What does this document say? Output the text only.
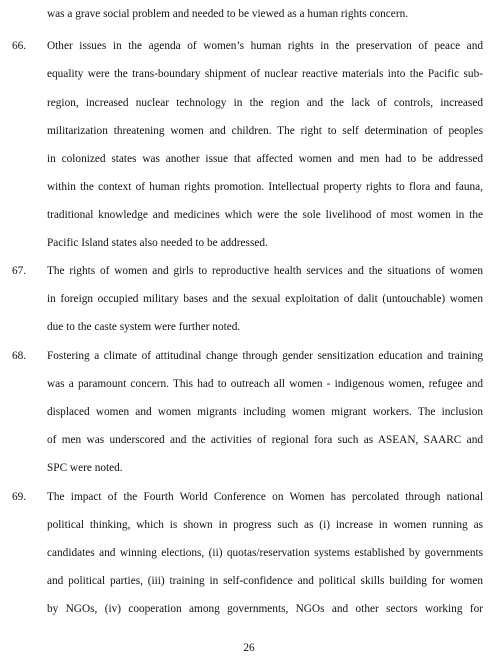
was a grave social problem and needed to be viewed as a human rights concern.
66. Other issues in the agenda of women’s human rights in the preservation of peace and
equality were the trans-boundary shipment of nuclear reactive materials into the Pacific sub-
region, increased nuclear technology in the region and the lack of controls, increased
militarization threatening women and children. The right to self determination of peoples
in colonized states was another issue that affected women and men had to be addressed
within the context of human rights promotion. Intellectual property rights to flora and fauna,
traditional knowledge and medicines which were the sole livelihood of most women in the
Pacific Island states also needed to be addressed.
67. The rights of women and girls to reproductive health services and the situations of women
in foreign occupied military bases and the sexual exploitation of dalit (untouchable) women
due to the caste system were further noted.
68. Fostering a climate of attitudinal change through gender sensitization education and training
was a paramount concern. This had to outreach all women - indigenous women, refugee and
displaced women and women migrants including women migrant workers. The inclusion
of men was underscored and the activities of regional fora such as ASEAN, SAARC and
SPC were noted.
69. The impact of the Fourth World Conference on Women has percolated through national
political thinking, which is shown in progress such as (i) increase in women running as
candidates and winning elections, (ii) quotas/reservation systems established by governments
and political parties, (iii) training in self-confidence and political skills building for women
by NGOs, (iv) cooperation among governments, NGOs and other sectors working for
26
